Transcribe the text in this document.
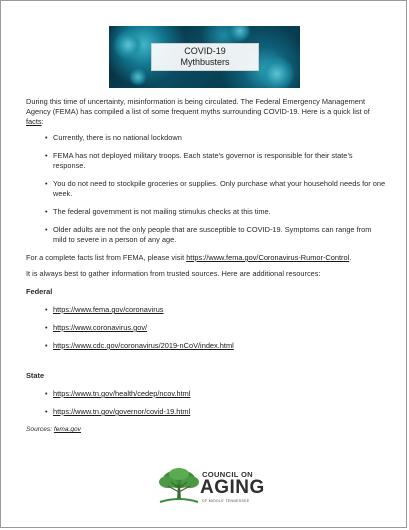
COVID-19
Mythbusters

During this time of uncertainty, misinformation is being circulated. The Federal Emergency Management Agency (FEMA) has compiled a list of some frequent myths surrounding COVID-19. Here is a quick list of facts:

• Currently, there is no national lockdown
• FEMA has not deployed military troops. Each state’s governor is responsible for their state’s response.
• You do not need to stockpile groceries or supplies. Only purchase what your household needs for one week.
• The federal government is not mailing stimulus checks at this time.
• Older adults are not the only people that are susceptible to COVID-19. Symptoms can range from mild to severe in a person of any age.

For a complete facts list from FEMA, please visit https://www.fema.gov/Coronavirus-Rumor-Control.

It is always best to gather information from trusted sources. Here are additional resources:

Federal

• https://www.fema.gov/coronavirus
• https://www.coronavirus.gov/
• https://www.cdc.gov/coronavirus/2019-nCoV/index.html

State

• https://www.tn.gov/health/cedep/ncov.html
• https://www.tn.gov/governor/covid-19.html

Sources: fema.gov

COUNCIL ON
AGING
OF MIDDLE TENNESSEE
